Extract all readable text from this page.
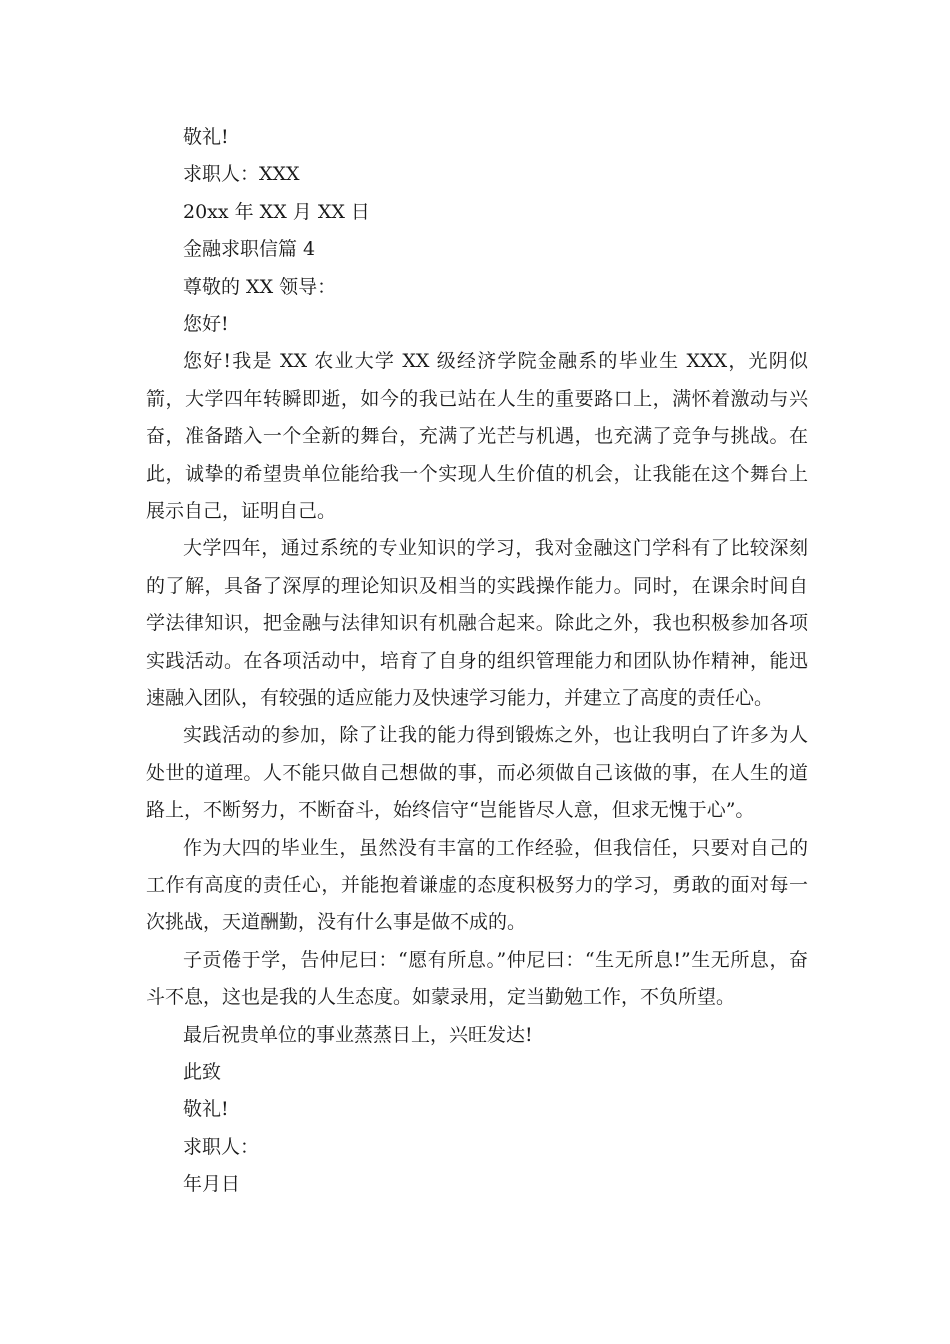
敬礼!

求职人：XXX

20xx 年 XX 月 XX 日

金融求职信篇 4

尊敬的 XX 领导：

您好!

您好!我是 XX 农业大学 XX 级经济学院金融系的毕业生 XXX，光阴似箭，大学四年转瞬即逝，如今的我已站在人生的重要路口上，满怀着激动与兴奋，准备踏入一个全新的舞台，充满了光芒与机遇，也充满了竞争与挑战。在此，诚挚的希望贵单位能给我一个实现人生价值的机会，让我能在这个舞台上展示自己，证明自己。

大学四年，通过系统的专业知识的学习，我对金融这门学科有了比较深刻的了解，具备了深厚的理论知识及相当的实践操作能力。同时，在课余时间自学法律知识，把金融与法律知识有机融合起来。除此之外，我也积极参加各项实践活动。在各项活动中，培育了自身的组织管理能力和团队协作精神，能迅速融入团队，有较强的适应能力及快速学习能力，并建立了高度的责任心。

实践活动的参加，除了让我的能力得到锻炼之外，也让我明白了许多为人处世的道理。人不能只做自己想做的事，而必须做自己该做的事，在人生的道路上，不断努力，不断奋斗，始终信守“岂能皆尽人意，但求无愧于心”。

作为大四的毕业生，虽然没有丰富的工作经验，但我信任，只要对自己的工作有高度的责任心，并能抱着谦虚的态度积极努力的学习，勇敢的面对每一次挑战，天道酬勤，没有什么事是做不成的。

子贡倦于学，告仲尼曰：“愿有所息。”仲尼曰：“生无所息!”生无所息，奋斗不息，这也是我的人生态度。如蒙录用，定当勤勉工作，不负所望。

最后祝贵单位的事业蒸蒸日上，兴旺发达!

此致

敬礼!

求职人：

年月日
